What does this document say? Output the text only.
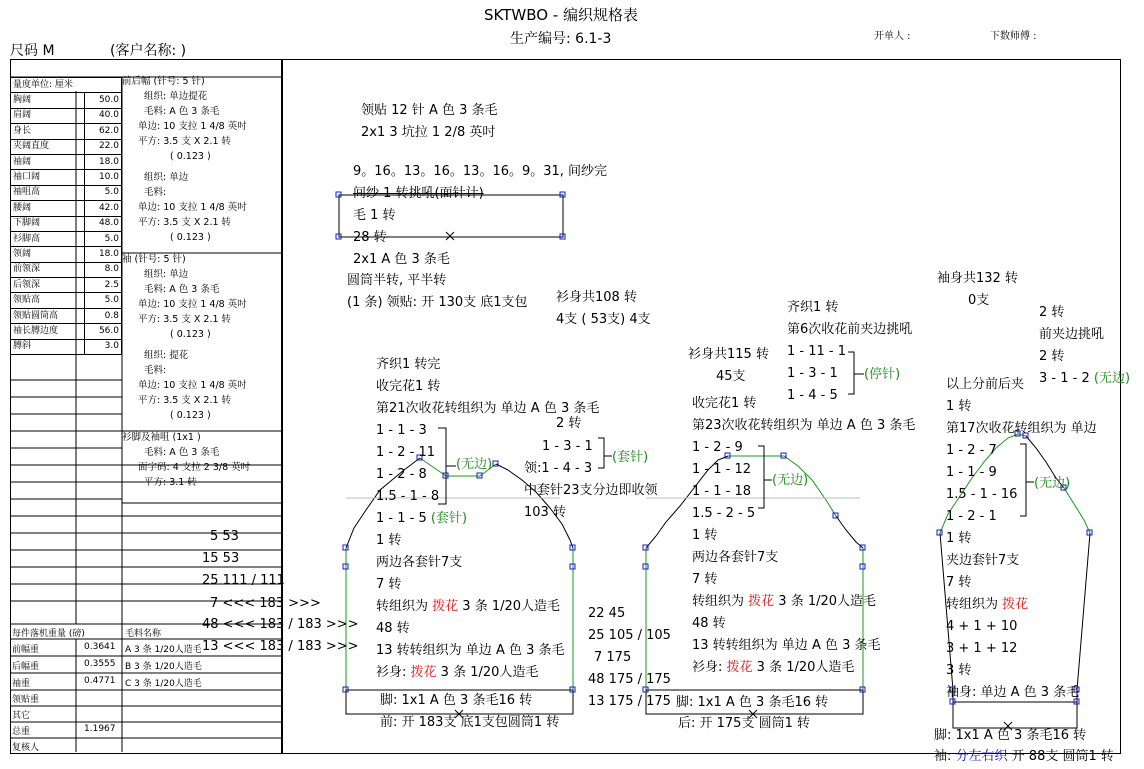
SKTWBO - 编织规格表
生产编号: 6.1-3
尺码 M	(客户名称: )
开单人 :	下数师傅 :
量度单位: 厘米	
胸阔	50.0
肩阔	40.0
身长	62.0
夹阔直度	22.0
袖阔	18.0
袖口阔	10.0
袖咀高	5.0
腰阔	42.0
下脚阔	48.0
衫脚高	5.0
领阔	18.0
前领深	8.0
后领深	2.5
领贴高	5.0
领贴圆筒高	0.8
袖长膊边度	56.0
膊斜	3.0
每件落机重量 (磅)	毛料名称
前幅重	0.3641 A 3 条 1/20人造毛
后幅重	0.3555 B 3 条 1/20人造毛
袖重	0.4771 C 3 条 1/20人造毛
领贴重
其它
总重	1.1967
复核人
前后幅 (针号: 5 针)
组织: 单边提花
毛料: A 色 3 条毛
单边: 10 支拉 1 4/8 英吋
平方: 3.5 支 X 2.1 转
( 0.123 )
组织: 单边
毛料:
单边: 10 支拉 1 4/8 英吋
平方: 3.5 支 X 2.1 转
( 0.123 )
袖 (针号: 5 针)
组织: 单边
毛料: A 色 3 条毛
单边: 10 支拉 1 4/8 英吋
平方: 3.5 支 X 2.1 转
( 0.123 )
组织: 提花
毛料:
单边: 10 支拉 1 4/8 英吋
平方: 3.5 支 X 2.1 转
( 0.123 )
衫脚及袖咀 (1x1 )
毛料: A 色 3 条毛
面字码: 4 支拉 2 3/8 英吋
平方: 3.1 转
领贴 12 针 A 色 3 条毛
2x1 3 坑拉 1 2/8 英吋
9。16。13。16。13。16。9。31, 间纱完
间纱 1 转挑吼(面针计)
毛 1 转
28 转
2x1 A 色 3 条毛
圆筒半转, 平半转
(1 条) 领贴: 开 130支 底1支包 衫身共108 转
4支 ( 53支) 4支
齐织1 转完
收完花1 转
第21次收花转组织为 单边 A 色 3 条毛
1 - 1 - 3
1 - 2 - 11
1 - 2 - 8
1.5 - 1 - 8
1 - 1 - 5 (套针)
(无边)
2 转
1 - 3 - 1
领:1 - 4 - 3
(套针)
中套针23支分边即收领
103 转
1 转
两边各套针7支
7 转
转组织为 拨花 3 条 1/20人造毛
48 转
13 转转组织为 单边 A 色 3 条毛
衫身: 拨花 3 条 1/20人造毛
脚: 1x1 A 色 3 条毛16 转
前: 开 183支 底1支包圆筒1 转
5 53
15 53
25 111 / 111
7 <<< 183 >>>
48 <<< 183 / 183 >>>
13 <<< 183 / 183 >>>
衫身共115 转
45支
齐织1 转
第6次收花前夹边挑吼
1 - 11 - 1
1 - 3 - 1
1 - 4 - 5
(停针)
收完花1 转
第23次收花转组织为 单边 A 色 3 条毛
1 - 2 - 9
1 - 1 - 12
1 - 1 - 18
1.5 - 2 - 5
(无边)
1 转
两边各套针7支
7 转
转组织为 拨花 3 条 1/20人造毛
48 转
13 转转组织为 单边 A 色 3 条毛
衫身: 拨花 3 条 1/20人造毛
脚: 1x1 A 色 3 条毛16 转
后: 开 175支 圆筒1 转
22 45
25 105 / 105
7 175
48 175 / 175
13 175 / 175
袖身共132 转
0支
2 转
前夹边挑吼
2 转
3 - 1 - 2 (无边)
以上分前后夹
1 转
第17次收花转组织为 单边
1 - 2 - 7
1 - 1 - 9
1.5 - 1 - 16
1 - 2 - 1
(无边)
1 转
夹边套针7支
7 转
转组织为 拨花
4 + 1 + 10
3 + 1 + 12
3 转
袖身: 单边 A 色 3 条毛
脚: 1x1 A 色 3 条毛16 转
袖: 分左右织 开 88支 圆筒1 转
